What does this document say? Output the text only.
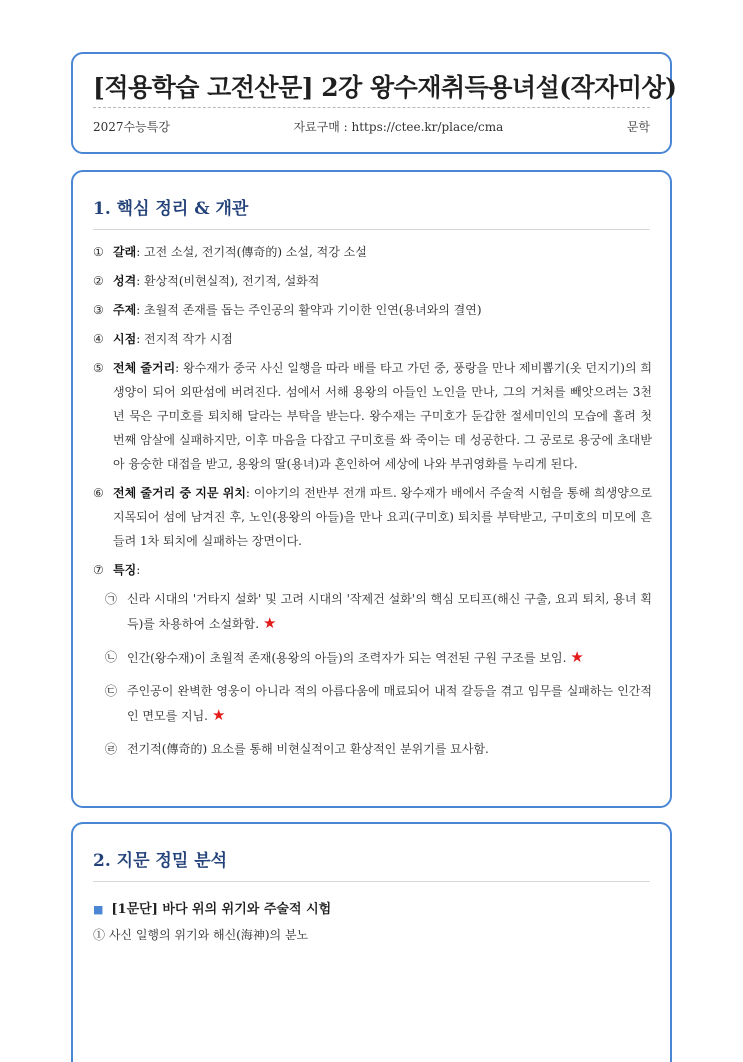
[적용학습 고전산문] 2강 왕수재취득용녀설(작자미상)
2027수능특강	자료구매 : https://ctee.kr/place/cma	문학
1. 핵심 정리 & 개관
① 갈래: 고전 소설, 전기적(傳奇的) 소설, 적강 소설
② 성격: 환상적(비현실적), 전기적, 설화적
③ 주제: 초월적 존재를 돕는 주인공의 활약과 기이한 인연(용녀와의 결연)
④ 시점: 전지적 작가 시점
⑤ 전체 줄거리: 왕수재가 중국 사신 일행을 따라 배를 타고 가던 중, 풍랑을 만나 제비뽑기(옷 던지기)의 희생양이 되어 외딴섬에 버려진다. 섬에서 서해 용왕의 아들인 노인을 만나, 그의 거처를 빼앗으려는 3천 년 묵은 구미호를 퇴치해 달라는 부탁을 받는다. 왕수재는 구미호가 둔갑한 절세미인의 모습에 홀려 첫 번째 암살에 실패하지만, 이후 마음을 다잡고 구미호를 쏴 죽이는 데 성공한다. 그 공로로 용궁에 초대받아 융숭한 대접을 받고, 용왕의 딸(용녀)과 혼인하여 세상에 나와 부귀영화를 누리게 된다.
⑥ 전체 줄거리 중 지문 위치: 이야기의 전반부 전개 파트. 왕수재가 배에서 주술적 시험을 통해 희생양으로 지목되어 섬에 남겨진 후, 노인(용왕의 아들)을 만나 요괴(구미호) 퇴치를 부탁받고, 구미호의 미모에 흔들려 1차 퇴치에 실패하는 장면이다.
⑦ 특징:
㉠ 신라 시대의 '거타지 설화' 및 고려 시대의 '작제건 설화'의 핵심 모티프(해신 구출, 요괴 퇴치, 용녀 획득)를 차용하여 소설화함. ★
㉡ 인간(왕수재)이 초월적 존재(용왕의 아들)의 조력자가 되는 역전된 구원 구조를 보임. ★
㉢ 주인공이 완벽한 영웅이 아니라 적의 아름다움에 매료되어 내적 갈등을 겪고 임무를 실패하는 인간적인 면모를 지님. ★
㉣ 전기적(傳奇的) 요소를 통해 비현실적이고 환상적인 분위기를 묘사함.
2. 지문 정밀 분석
■ [1문단] 바다 위의 위기와 주술적 시험
① 사신 일행의 위기와 해신(海神)의 분노
